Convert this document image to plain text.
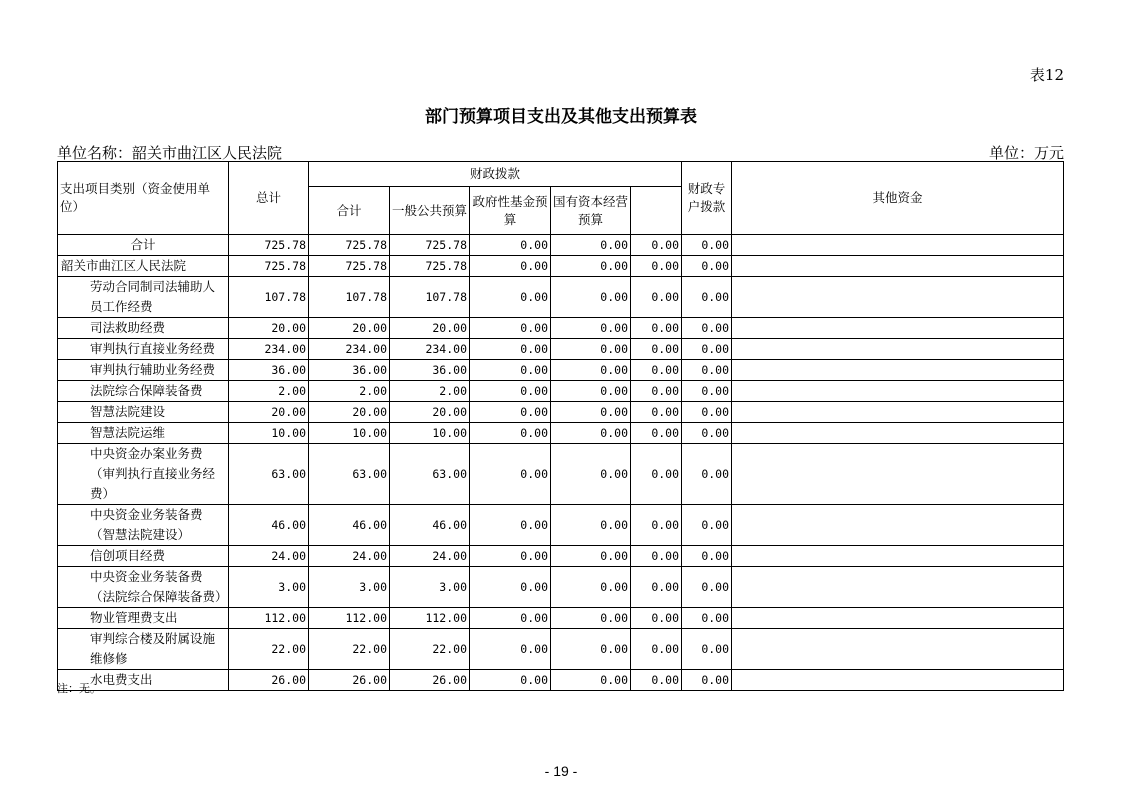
表12
部门预算项目支出及其他支出预算表
单位名称：韶关市曲江区人民法院	单位：万元
支出项目类别（资金使用单位）	总计	财政拨款					财政专户拨款	其他资金	
		合计	一般公共预算	政府性基金预算	国有资本经营预算				
合计	725.78	725.78	725.78	0.00	0.00	0.00	0.00		
韶关市曲江区人民法院	725.78	725.78	725.78	0.00	0.00	0.00	0.00		
劳动合同制司法辅助人员工作经费	107.78	107.78	107.78	0.00	0.00	0.00	0.00		
司法救助经费	20.00	20.00	20.00	0.00	0.00	0.00	0.00		
审判执行直接业务经费	234.00	234.00	234.00	0.00	0.00	0.00	0.00		
审判执行辅助业务经费	36.00	36.00	36.00	0.00	0.00	0.00	0.00		
法院综合保障装备费	2.00	2.00	2.00	0.00	0.00	0.00	0.00		
智慧法院建设	20.00	20.00	20.00	0.00	0.00	0.00	0.00		
智慧法院运维	10.00	10.00	10.00	0.00	0.00	0.00	0.00		
中央资金办案业务费（审判执行直接业务经费）	63.00	63.00	63.00	0.00	0.00	0.00	0.00		
中央资金业务装备费（智慧法院建设）	46.00	46.00	46.00	0.00	0.00	0.00	0.00		
信创项目经费	24.00	24.00	24.00	0.00	0.00	0.00	0.00		
中央资金业务装备费（法院综合保障装备费）	3.00	3.00	3.00	0.00	0.00	0.00	0.00		
物业管理费支出	112.00	112.00	112.00	0.00	0.00	0.00	0.00		
审判综合楼及附属设施维修修	22.00	22.00	22.00	0.00	0.00	0.00	0.00		
水电费支出	26.00	26.00	26.00	0.00	0.00	0.00	0.00		
注：无。
- 19 -
